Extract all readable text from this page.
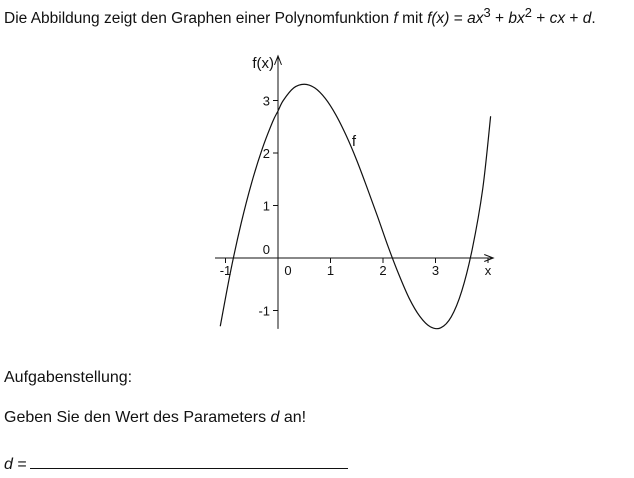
Die Abbildung zeigt den Graphen einer Polynomfunktion f mit $f(x) = ax^3 + bx^2$ + cx + d.
f(x)
-1	0	1	2	3	x
-1
0
1
2
3
f
Aufgabenstellung:
Geben Sie den Wert des Parameters d an!
d =
